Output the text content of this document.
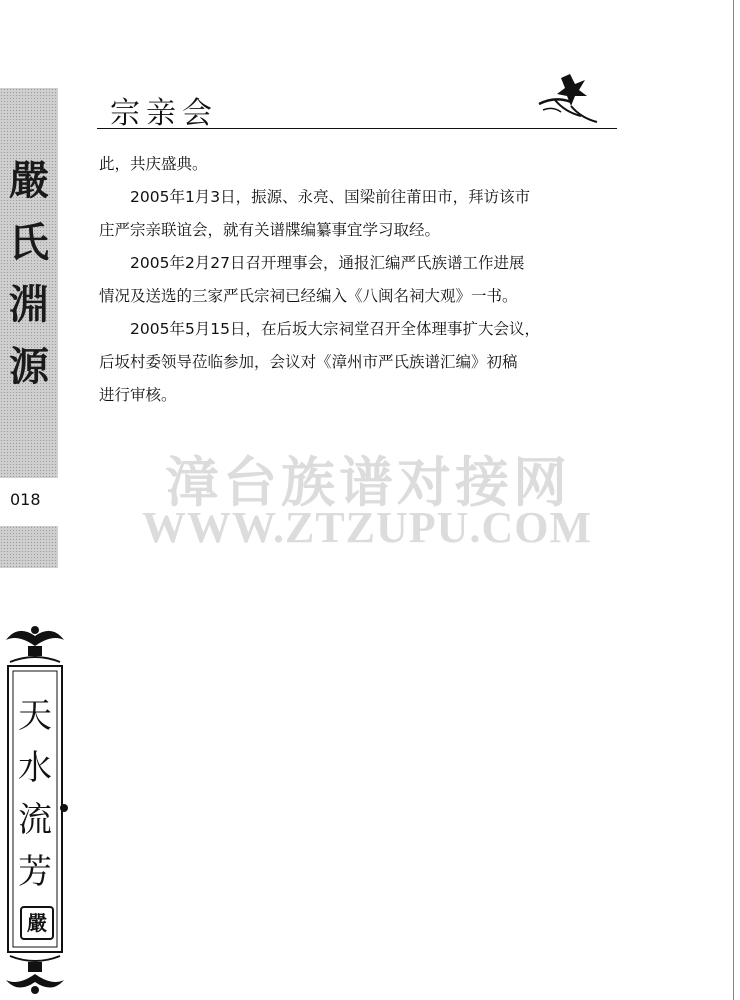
嚴
氏
淵
源
018
宗亲会

此，共庆盛典。

2005年1月3日，振源、永亮、国梁前往莆田市，拜访该市

庄严宗亲联谊会，就有关谱牒编纂事宜学习取经。

2005年2月27日召开理事会，通报汇编严氏族谱工作进展

情况及送选的三家严氏宗祠已经编入《八闽名祠大观》一书。

2005年5月15日，在后坂大宗祠堂召开全体理事扩大会议，

后坂村委领导莅临参加，会议对《漳州市严氏族谱汇编》初稿

进行审核。

漳台族谱对接网
WWW.ZTZUPU.COM
天
水
流
芳
嚴
